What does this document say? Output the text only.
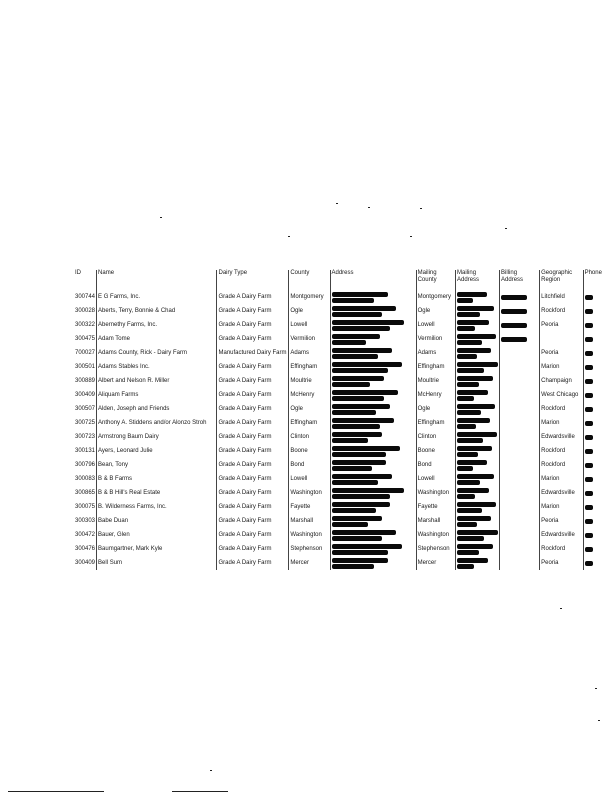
ID	Name	Dairy Type	County	Address	Mailing County	Mailing Address	Billing Address	Geographic Region	Phone
300744	E G Farms, Inc.	Grade A Dairy Farm	Montgomery		Montgomery			Litchfield	

300028	Aberts, Terry, Bonnie & Chad	Grade A Dairy Farm	Ogle		Ogle			Rockford	

300322	Abernethy Farms, Inc.	Grade A Dairy Farm	Lowell		Lowell			Peoria	

300475	Adam Tome	Grade A Dairy Farm	Vermilion		Vermilion	

700027	Adams County, Rick - Dairy Farm	Manufactured Dairy Farm	Adams		Adams			Peoria	

300501	Adams Stables Inc.	Grade A Dairy Farm	Effingham		Effingham			Marion	

300889	Albert and Nelson R. Miller	Grade A Dairy Farm	Moultrie		Moultrie			Champaign	

300409	Aliquam Farms	Grade A Dairy Farm	McHenry		McHenry			West Chicago	

300507	Alden, Joseph and Friends	Grade A Dairy Farm	Ogle		Ogle			Rockford	

300725	Anthony A. Stiddens and/or Alonzo Stroh	Grade A Dairy Farm	Effingham		Effingham			Marion	

300723	Armstrong Baum Dairy	Grade A Dairy Farm	Clinton		Clinton			Edwardsville	

300131	Ayers, Leonard Julie	Grade A Dairy Farm	Boone		Boone			Rockford	

300796	Bean, Tony	Grade A Dairy Farm	Bond		Bond			Rockford	

300083	B & B Farms	Grade A Dairy Farm	Lowell		Lowell			Marion	

300865	B & B Hill's Real Estate	Grade A Dairy Farm	Washington		Washington			Edwardsville	

300075	B. Wilderness Farms, Inc.	Grade A Dairy Farm	Fayette		Fayette			Marion	

300303	Babe Duan	Grade A Dairy Farm	Marshall		Marshall			Peoria	

300472	Bauer, Glen	Grade A Dairy Farm	Washington		Washington			Edwardsville	

300476	Baumgartner, Mark Kyle	Grade A Dairy Farm	Stephenson		Stephenson			Rockford	

300409	Bell Sum	Grade A Dairy Farm	Mercer		Mercer			Peoria	
